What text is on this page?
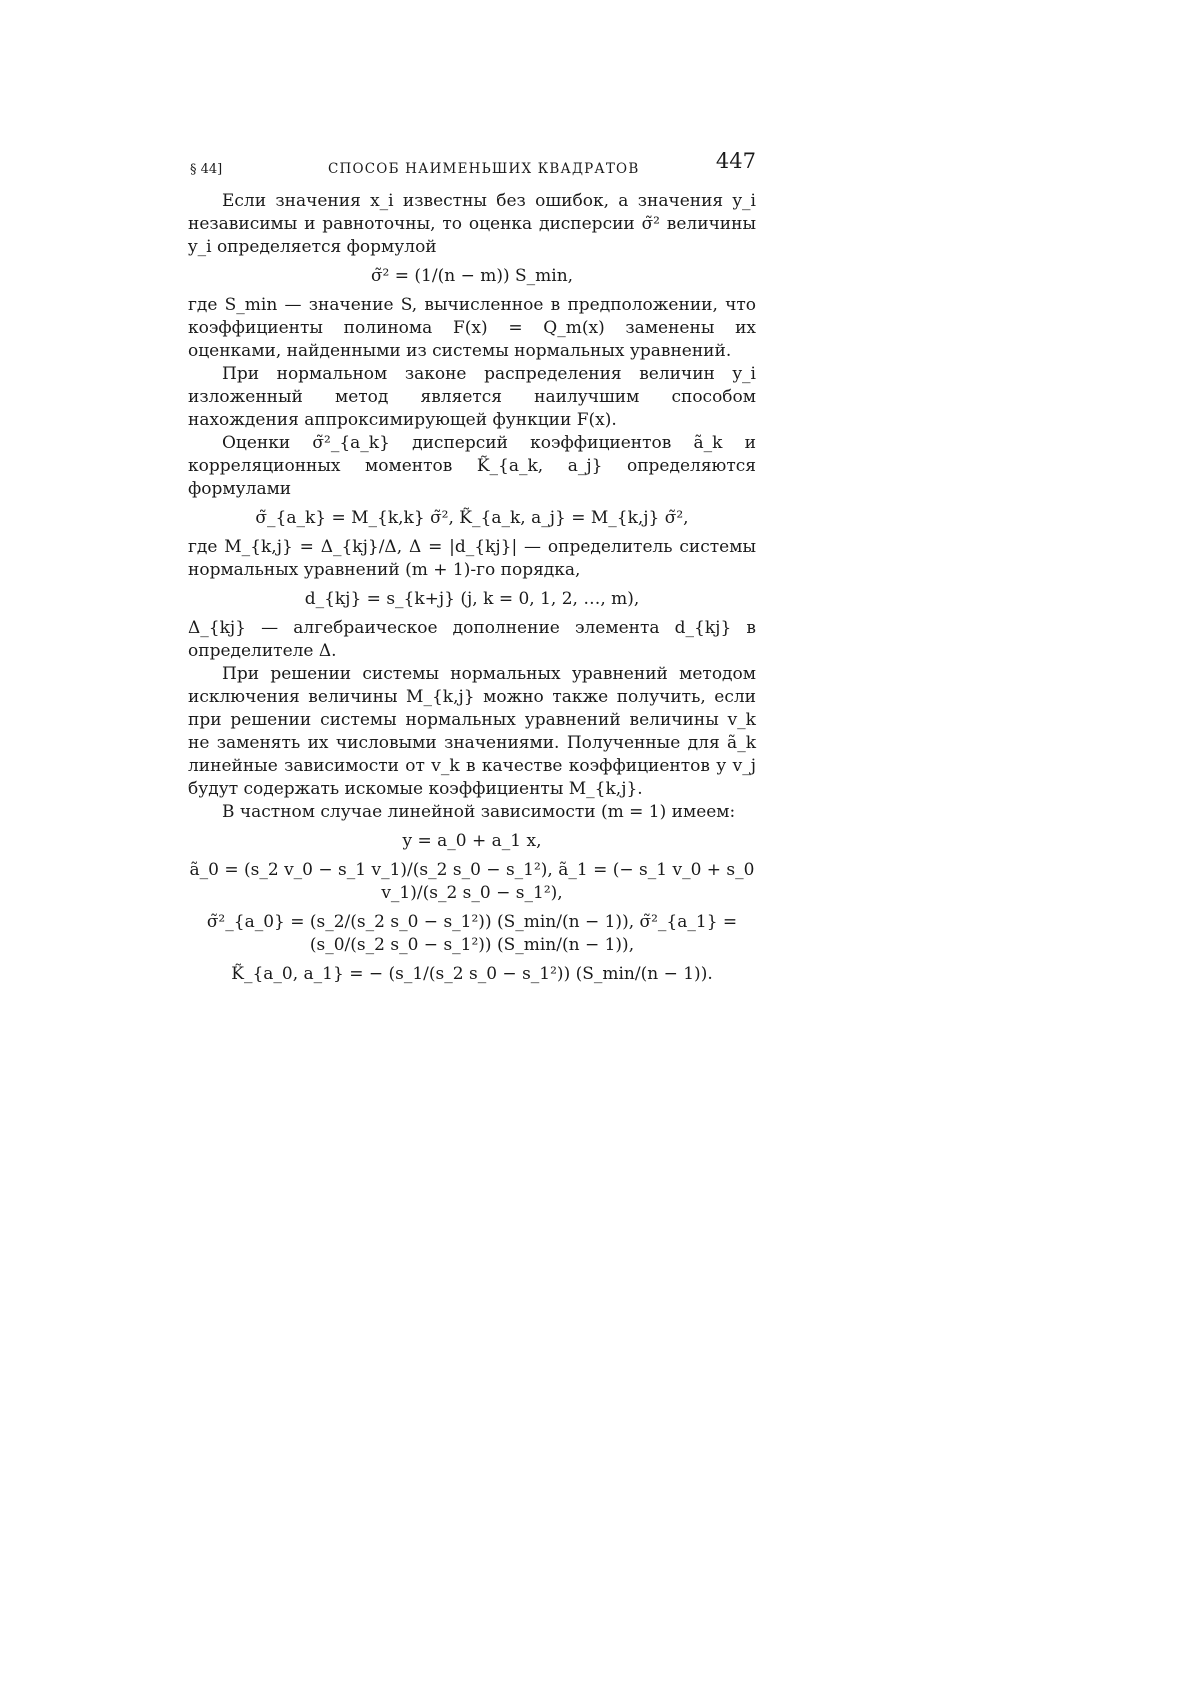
§ 44]	СПОСОБ НАИМЕНЬШИХ КВАДРАТОВ	447

Если значения x_i известны без ошибок, а значения y_i независимы и равноточны, то оценка дисперсии σ̃² величины y_i определяется формулой

σ̃² = (1/(n − m)) S_min,

где S_min — значение S, вычисленное в предположении, что коэффициенты полинома F(x) = Q_m(x) заменены их оценками, найденными из системы нормальных уравнений.

При нормальном законе распределения величин y_i изложенный метод является наилучшим способом нахождения аппроксимирующей функции F(x).

Оценки σ̃²_{a_k} дисперсий коэффициентов ã_k и корреляционных моментов K̃_{a_k, a_j} определяются формулами

σ̃_{a_k} = M_{k,k} σ̃², K̃_{a_k, a_j} = M_{k,j} σ̃²,

где M_{k,j} = Δ_{kj}/Δ, Δ = |d_{kj}| — определитель системы нормальных уравнений (m + 1)-го порядка,

d_{kj} = s_{k+j} (j, k = 0, 1, 2, …, m),

Δ_{kj} — алгебраическое дополнение элемента d_{kj} в определителе Δ.

При решении системы нормальных уравнений методом исключения величины M_{k,j} можно также получить, если при решении системы нормальных уравнений величины v_k не заменять их числовыми значениями. Полученные для ã_k линейные зависимости от v_k в качестве коэффициентов у v_j будут содержать искомые коэффициенты M_{k,j}.

В частном случае линейной зависимости (m = 1) имеем:

y = a_0 + a_1 x,
ã_0 = (s_2 v_0 − s_1 v_1)/(s_2 s_0 − s_1²), ã_1 = (− s_1 v_0 + s_0 v_1)/(s_2 s_0 − s_1²),
σ̃²_{a_0} = (s_2/(s_2 s_0 − s_1²)) (S_min/(n − 1)), σ̃²_{a_1} = (s_0/(s_2 s_0 − s_1²)) (S_min/(n − 1)),
K̃_{a_0, a_1} = − (s_1/(s_2 s_0 − s_1²)) (S_min/(n − 1)).
